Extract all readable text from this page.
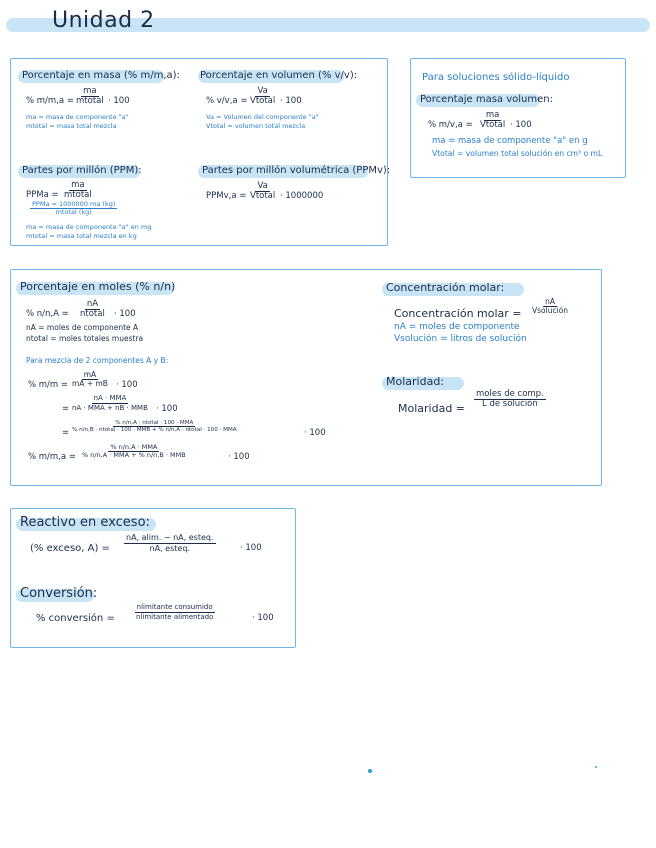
Unidad 2
Porcentaje en masa (% m/m,a):
% m/m,a =
ma
mtotal · 100
ma = masa de componente "a"
mtotal = masa total mezcla
Porcentaje en volumen (% v/v):
% v/v,a =
Va
Vtotal · 100
Va = Volumen del componente "a"
Vtotal = volumen total mezcla
Partes por millón (PPM):
PPMa =
ma
mtotal
PPMa = 1000000 ma (kg)
mtotal (kg)
ma = masa de componente "a" en mg
mtotal = masa total mezcla en kg
Partes por millón volumétrica (PPMv):
PPMv,a =
Va
Vtotal · 1000000
Para soluciones sólido-líquido
Porcentaje masa volumen:
% m/v,a =
ma
Vtotal · 100
ma = masa de componente "a" en g
Vtotal = volumen total solución en cm³ o mL
Porcentaje en moles (% n/n)
% n/n,A =
nA
ntotal · 100
nA = moles de componente A
ntotal = moles totales muestra
Para mezcla de 2 componentes A y B:
% $m/m = \frac{mA}{mA + mB} \cdot 100$
=
nA · MMA
nA · MMA + nB · MMB · 100
=
% n/n,A · ntotal · 100 · MMA
% n/n,B · ntotal · 100 · MMB + % n/n,A · ntotal · 100 · MMA	· 100
% m/m,a =
% n/n,A · MMA
% n/n,A · MMA + % n/n,B · MMB	· 100
Concentración molar:
Concentración molar =
nA
Vsolución
nA = moles de componente
Vsolución = litros de solución
Molaridad:
Molaridad =
moles de comp.
L de solución
Reactivo en exceso:
(% exceso, A) =
nA, alim. − nA, esteq.
nA, esteq.	· 100
Conversión:
% conversión =
nlimitante consumido
nlimitante alimentado	· 100
